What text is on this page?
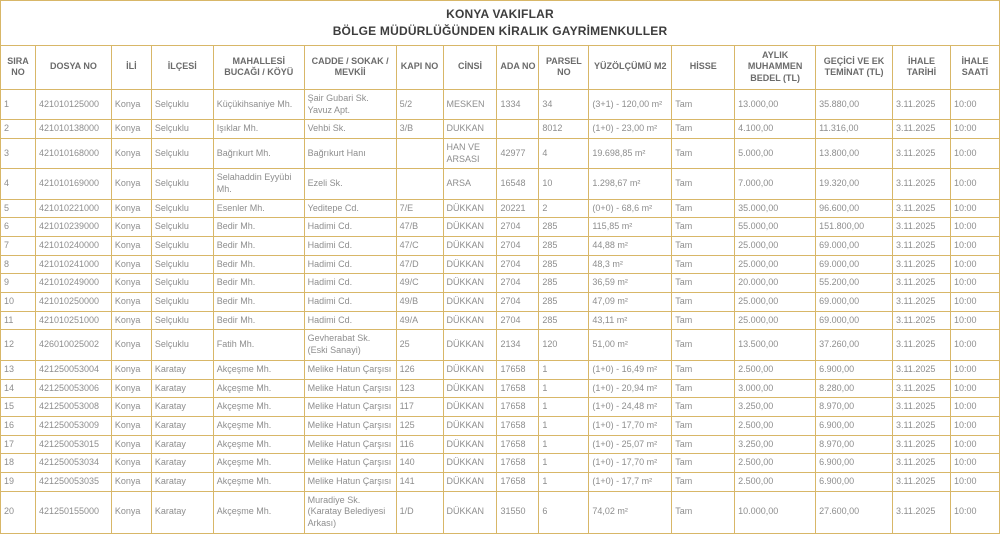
KONYA VAKIFLAR
BÖLGE MÜDÜRLÜĞÜNDEN KİRALIK GAYRİMENKULLER															

SIRA NO	DOSYA NO	İLİ	İLÇESİ	MAHALLESİ BUCAĞI / KÖYÜ	CADDE / SOKAK / MEVKİİ	KAPI NO	CİNSİ	ADA NO	PARSEL NO	YÜZÖLÇÜMÜ M2	HİSSE	AYLIK MUHAMMEN BEDEL (TL)	GEÇİCİ VE EK TEMİNAT (TL)	İHALE TARİHİ	İHALE SAATİ
1	421010125000	Konya	Selçuklu	Küçükihsaniye Mh.	Şair Gubari Sk. Yavuz Apt.	5/2	MESKEN	1334	34	(3+1) - 120,00 m²	Tam	13.000,00	35.880,00	3.11.2025	10:00
2	421010138000	Konya	Selçuklu	Işıklar Mh.	Vehbi Sk.	3/B	DUKKAN		8012	(1+0) - 23,00 m²	Tam	4.100,00	11.316,00	3.11.2025	10:00
3	421010168000	Konya	Selçuklu	Bağrıkurt Mh.	Bağrıkurt Hanı		HAN VE ARSASI	42977	4	19.698,85 m²	Tam	5.000,00	13.800,00	3.11.2025	10:00
4	421010169000	Konya	Selçuklu	Selahaddin Eyyübi Mh.	Ezeli Sk.		ARSA	16548	10	1.298,67 m²	Tam	7.000,00	19.320,00	3.11.2025	10:00
5	421010221000	Konya	Selçuklu	Esenler Mh.	Yeditepe Cd.	7/E	DÜKKAN	20221	2	(0+0) - 68,6 m²	Tam	35.000,00	96.600,00	3.11.2025	10:00
6	421010239000	Konya	Selçuklu	Bedir Mh.	Hadimi Cd.	47/B	DÜKKAN	2704	285	115,85 m²	Tam	55.000,00	151.800,00	3.11.2025	10:00
7	421010240000	Konya	Selçuklu	Bedir Mh.	Hadimi Cd.	47/C	DÜKKAN	2704	285	44,88 m²	Tam	25.000,00	69.000,00	3.11.2025	10:00
8	421010241000	Konya	Selçuklu	Bedir Mh.	Hadimi Cd.	47/D	DÜKKAN	2704	285	48,3 m²	Tam	25.000,00	69.000,00	3.11.2025	10:00
9	421010249000	Konya	Selçuklu	Bedir Mh.	Hadimi Cd.	49/C	DÜKKAN	2704	285	36,59 m²	Tam	20.000,00	55.200,00	3.11.2025	10:00
10	421010250000	Konya	Selçuklu	Bedir Mh.	Hadimi Cd.	49/B	DÜKKAN	2704	285	47,09 m²	Tam	25.000,00	69.000,00	3.11.2025	10:00
11	421010251000	Konya	Selçuklu	Bedir Mh.	Hadimi Cd.	49/A	DÜKKAN	2704	285	43,11 m²	Tam	25.000,00	69.000,00	3.11.2025	10:00
12	426010025002	Konya	Selçuklu	Fatih Mh.	Gevherabat Sk. (Eski Sanayi)	25	DÜKKAN	2134	120	51,00 m²	Tam	13.500,00	37.260,00	3.11.2025	10:00
13	421250053004	Konya	Karatay	Akçeşme Mh.	Melike Hatun Çarşısı	126	DÜKKAN	17658	1	(1+0) - 16,49 m²	Tam	2.500,00	6.900,00	3.11.2025	10:00
14	421250053006	Konya	Karatay	Akçeşme Mh.	Melike Hatun Çarşısı	123	DÜKKAN	17658	1	(1+0) - 20,94 m²	Tam	3.000,00	8.280,00	3.11.2025	10:00
15	421250053008	Konya	Karatay	Akçeşme Mh.	Melike Hatun Çarşısı	117	DÜKKAN	17658	1	(1+0) - 24,48 m²	Tam	3.250,00	8.970,00	3.11.2025	10:00
16	421250053009	Konya	Karatay	Akçeşme Mh.	Melike Hatun Çarşısı	125	DÜKKAN	17658	1	(1+0) - 17,70 m²	Tam	2.500,00	6.900,00	3.11.2025	10:00
17	421250053015	Konya	Karatay	Akçeşme Mh.	Melike Hatun Çarşısı	116	DÜKKAN	17658	1	(1+0) - 25,07 m²	Tam	3.250,00	8.970,00	3.11.2025	10:00
18	421250053034	Konya	Karatay	Akçeşme Mh.	Melike Hatun Çarşısı	140	DÜKKAN	17658	1	(1+0) - 17,70 m²	Tam	2.500,00	6.900,00	3.11.2025	10:00
19	421250053035	Konya	Karatay	Akçeşme Mh.	Melike Hatun Çarşısı	141	DÜKKAN	17658	1	(1+0) - 17,7 m²	Tam	2.500,00	6.900,00	3.11.2025	10:00
20	421250155000	Konya	Karatay	Akçeşme Mh.	Muradiye Sk. (Karatay Belediyesi Arkası)	1/D	DÜKKAN	31550	6	74,02 m²	Tam	10.000,00	27.600,00	3.11.2025	10:00
